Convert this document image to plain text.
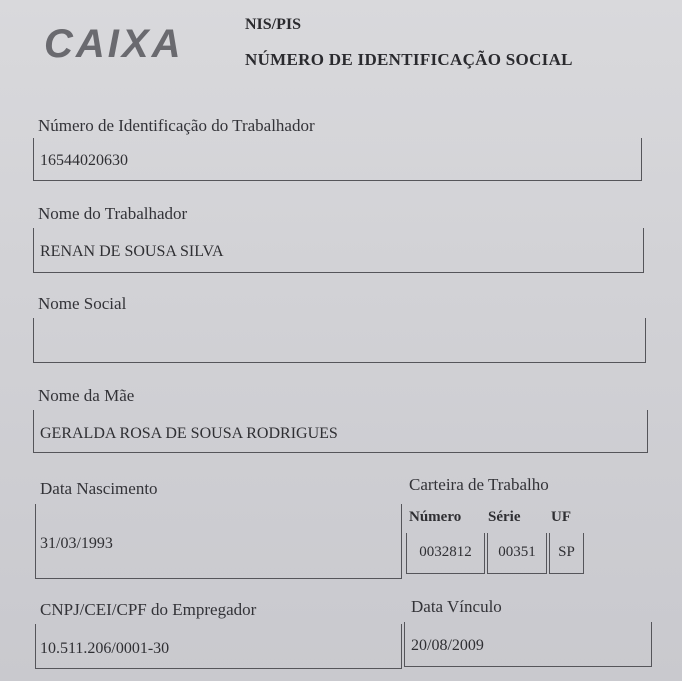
CAIXA	NIS/PIS
NÚMERO DE IDENTIFICAÇÃO SOCIAL
Número de Identificação do Trabalhador
16544020630
Nome do Trabalhador
RENAN DE SOUSA SILVA
Nome Social
Nome da Mãe
GERALDA ROSA DE SOUSA RODRIGUES
Data Nascimento
31/03/1993
Carteira de Trabalho
Número Série UF
0032812	00351	SP
CNPJ/CEI/CPF do Empregador
10.511.206/0001-30
Data Vínculo
20/08/2009
